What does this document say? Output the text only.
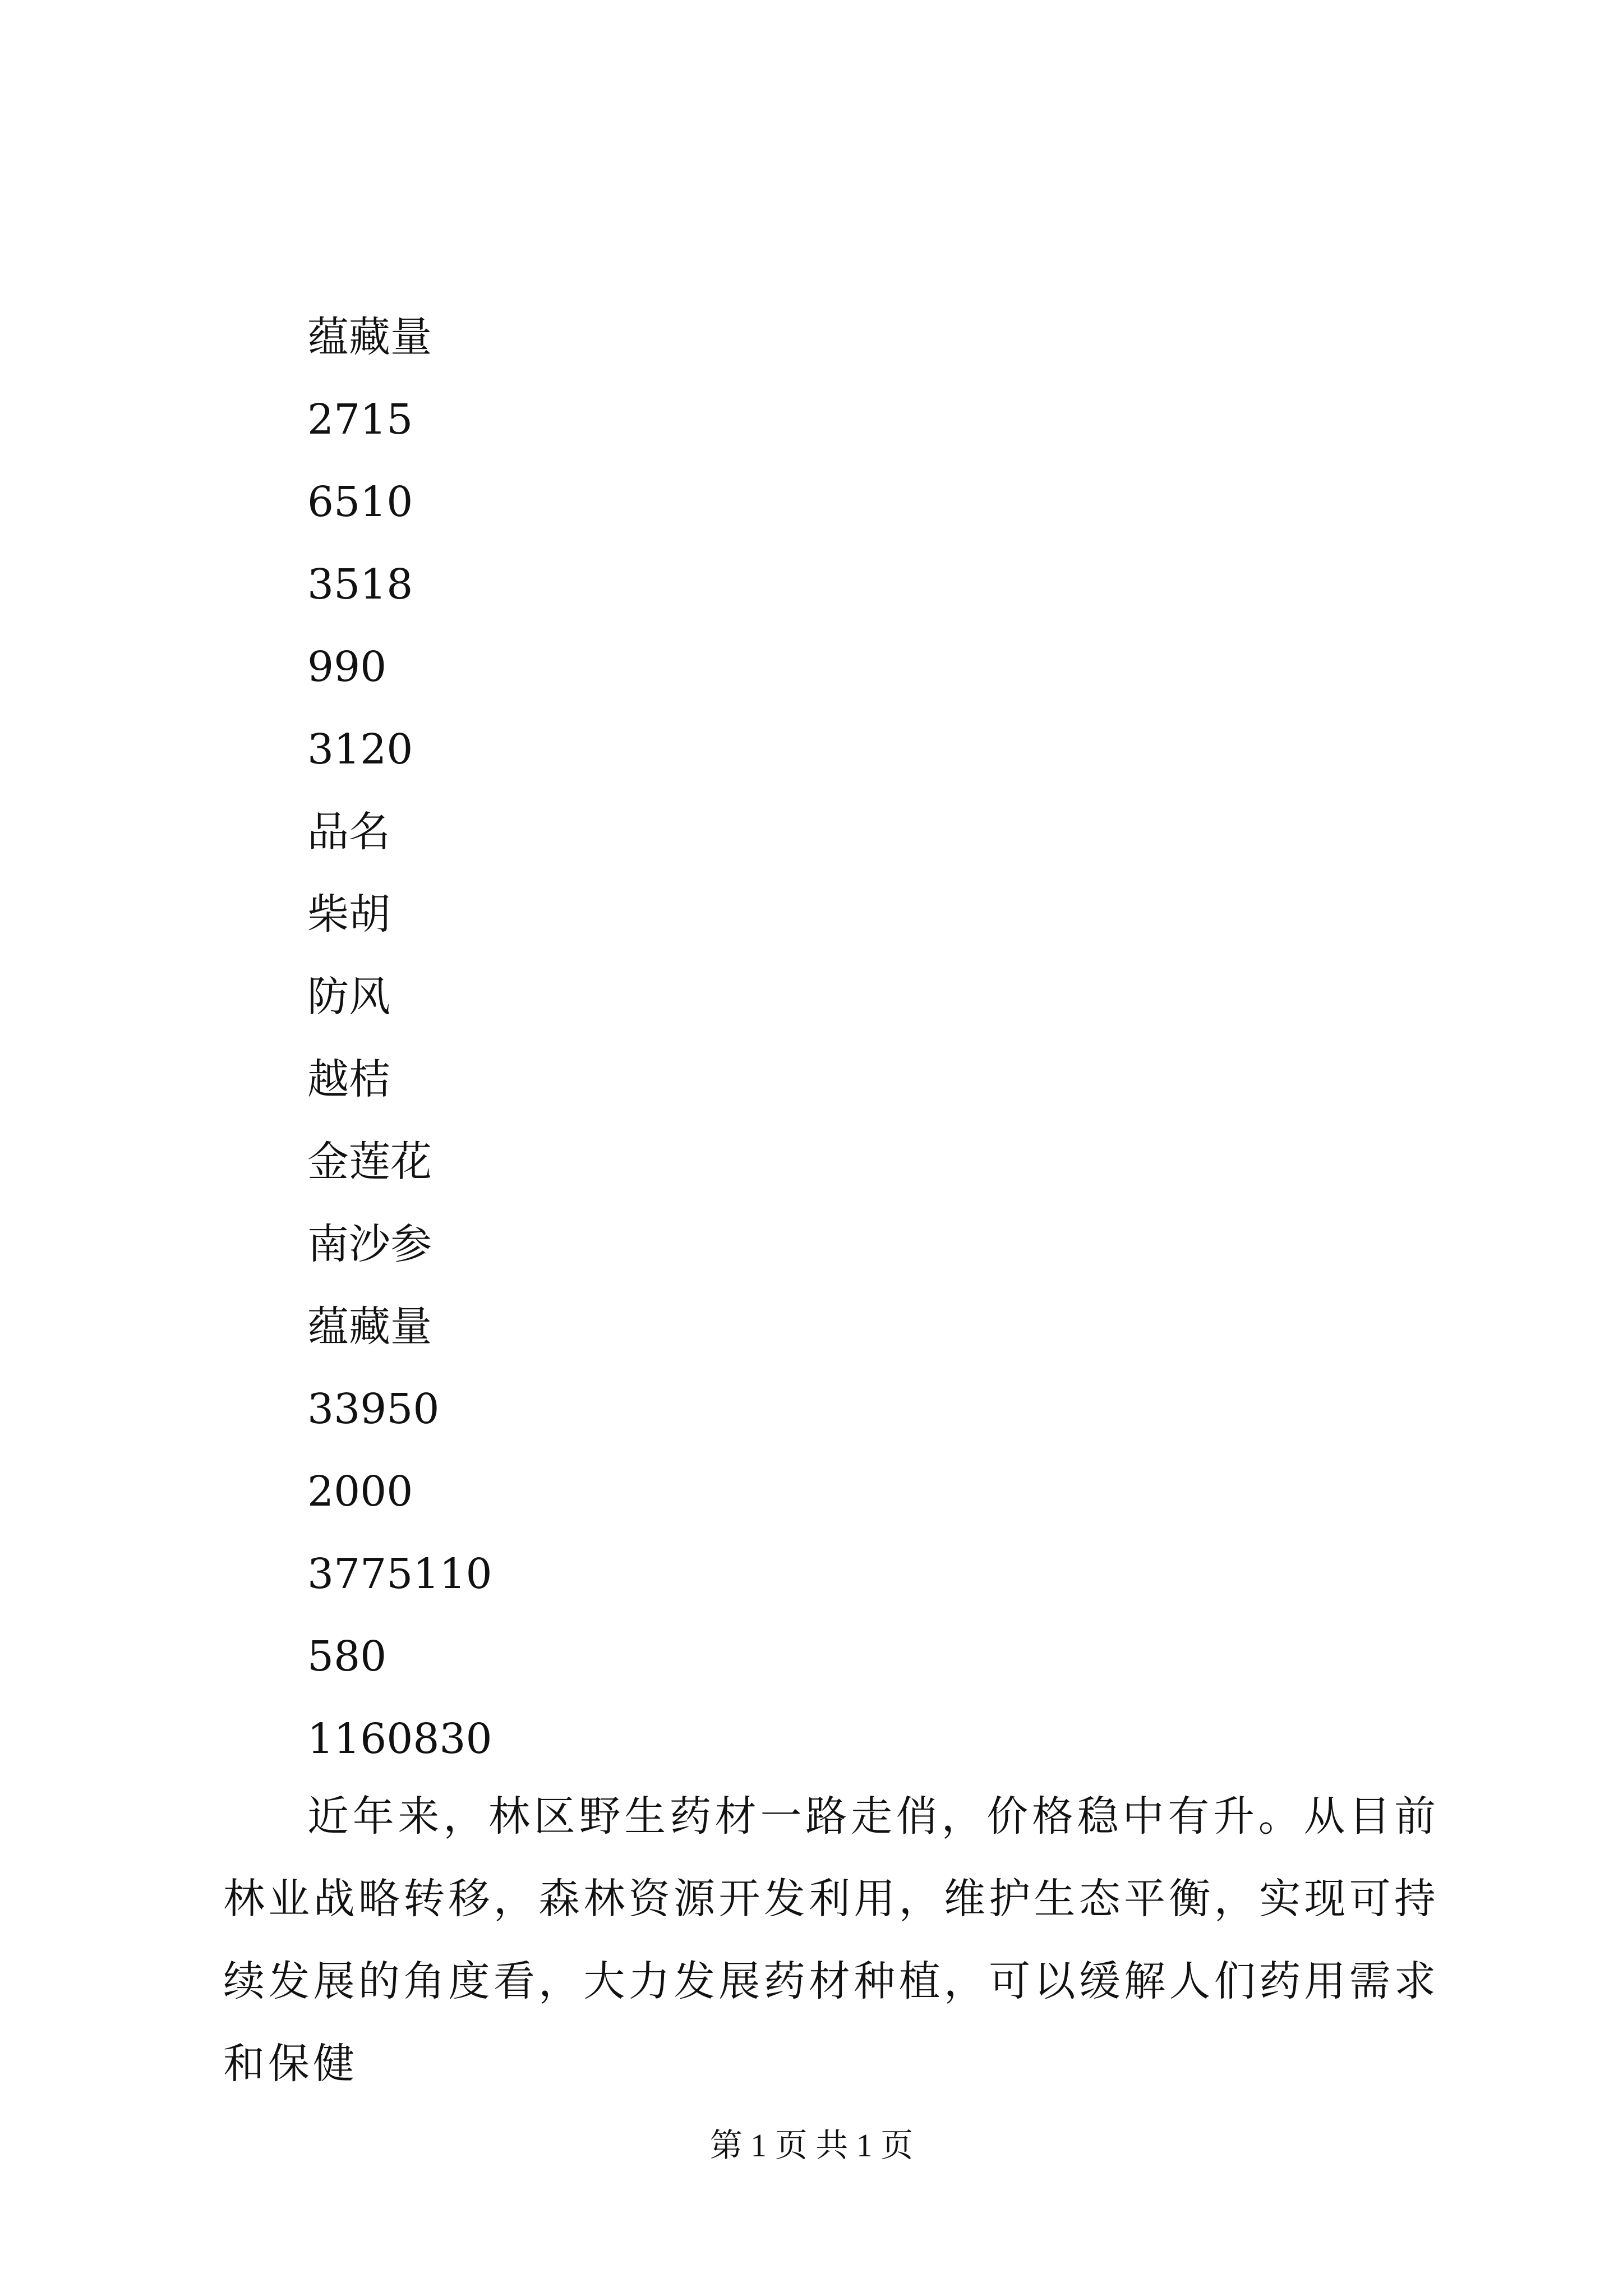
蕴藏量
2715
6510
3518
990
3120
品名
柴胡
防风
越桔
金莲花
南沙参
蕴藏量
33950
2000
3775110
580
1160830

近年来，林区野生药材一路走俏，价格稳中有升。从目前林业战略转移，森林资源开发利用，维护生态平衡，实现可持续发展的角度看，大力发展药材种植，可以缓解人们药用需求和保健

第 1 页 共 1 页
